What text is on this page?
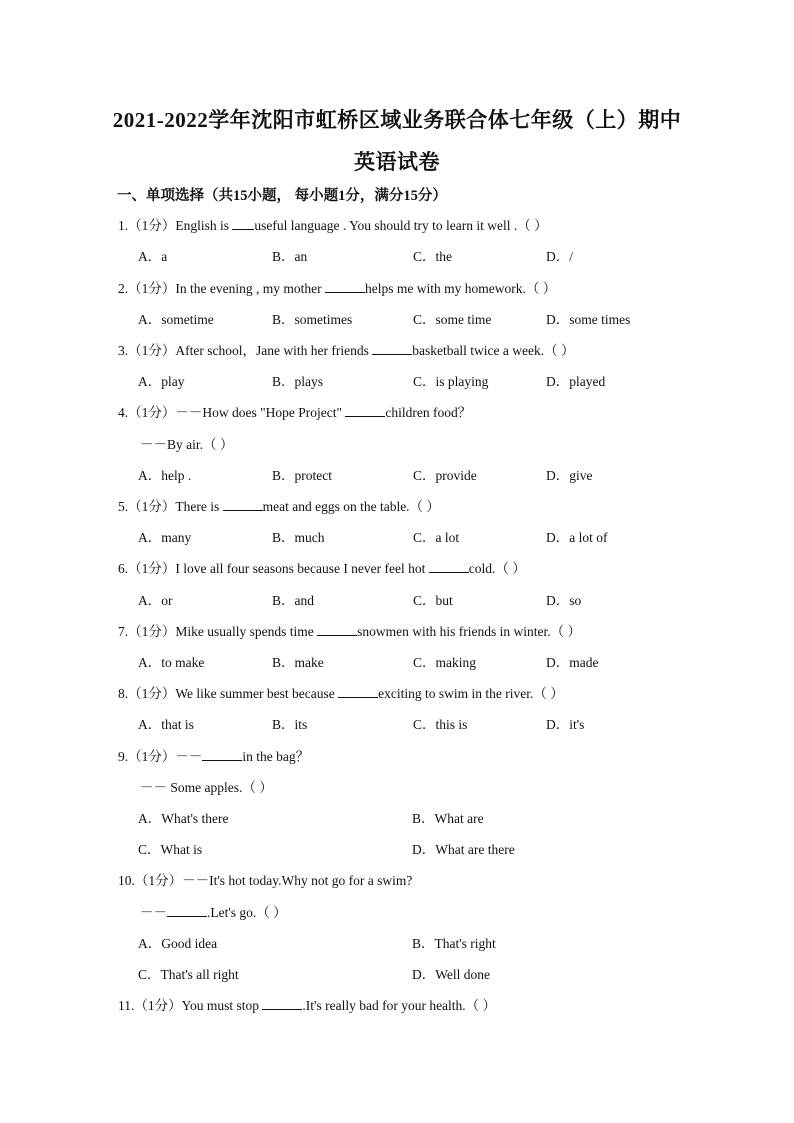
2021-2022学年沈阳市虹桥区域业务联合体七年级（上）期中
英语试卷
一、单项选择（共15小题， 每小题1分，满分15分）
1.（1分）English is useful language . You should try to learn it well .（ ）
A．a	B．an	C．the	D．/
2.（1分）In the evening , my mother	helps me with my homework.（ ）
A．sometime	B．sometimes	C．some time	D．some times
3.（1分）After school，Jane with her friends	basketball twice a week.（ ）
A．play	B．plays	C．is playing	D．played
4.（1分）－－How does "Hope Project"	children food？
－－By air.（ ）
A．help .	B．protect	C．provide	D．give
5.（1分）There is	meat and eggs on the table.（ ）
A．many	B．much	C．a lot	D．a lot of
6.（1分）I love all four seasons because I never feel hot	cold.（ ）
A．or	B．and	C．but	D．so
7.（1分）Mike usually spends time	snowmen with his friends in winter.（ ）
A．to make	B．make	C．making	D．made
8.（1分）We like summer best because	exciting to swim in the river.（ ）
A．that is	B．its	C．this is	D．it's
9.（1分）－－	in the bag？
－－ Some apples.（ ）
A．What's there	B．What are
C．What is	D．What are there
10.（1分）－－It's hot today.Why not go for a swim?
－－	.Let's go.（ ）
A．Good idea	B．That's right
C．That's all right	D．Well done
11.（1分）You must stop	.It's really bad for your health.（ ）
